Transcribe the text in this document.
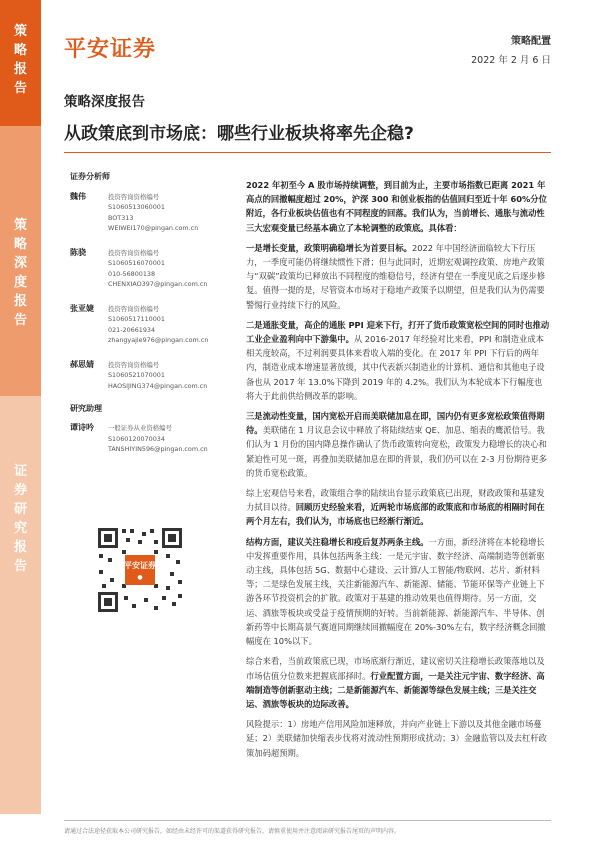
策
略
报
告
策
略
深
度
报
告
证
券
研
究
报
告
平安证券	策略配置
2022 年 2 月 6 日
策略深度报告
从政策底到市场底：哪些行业板块将率先企稳?
证券分析师
魏伟	投资咨询资格编号
S1060513060001
BOT313
WEIWEI170@pingan.com.cn
陈骁	投资咨询资格编号
S1060516070001
010-56800138
CHENXIAO397@pingan.com.cn
张亚婕 投资咨询资格编号
S1060517110001
021-20661934
zhangyajie976@pingan.com.cn
郝思婧 投资咨询资格编号
S1060521070001
HAOSIJING374@pingan.com.cn
研究助理
谭诗吟 一般证券从业资格编号
S1060120070034
TANSHIYIN596@pingan.com.cn
平安证券
●

2022 年初至今 A 股市场持续调整，到目前为止，主要市场指数已距离 2021 年高点的回撤幅度超过 20%，沪深 300 和创业板指的估值回归至近十年 60%分位附近，各行业板块估值也有不同程度的回落。我们认为，当前增长、通胀与流动性三大宏观变量已经基本确立了本轮调整的政策底。具体看：

一是增长变量，政策明确稳增长为首要目标。2022 年中国经济面临较大下行压力，一季度可能仍将继续惯性下滑；但与此同时，近期宏观调控政策、房地产政策与“双碳”政策均已释放出不同程度的维稳信号，经济有望在一季度见底之后逐步修复。值得一提的是，尽管资本市场对于稳地产政策予以期望，但是我们认为仍需要警惕行业持续下行的风险。

二是通胀变量，高企的通胀 PPI 迎来下行，打开了货币政策宽松空间的同时也推动工业企业盈利向中下游集中。从 2016-2017 年经验对比来看，PPI 和制造业成本相关度较高，不过利润要具体来看收入端的变化。在 2017 年 PPI 下行后的两年内，制造业成本增速显著放缓，其中代表新兴制造业的计算机、通信和其他电子设备也从 2017 年 13.0%下降到 2019 年的 4.2%。我们认为本轮成本下行幅度也将大于此前供给侧改革的影响。

三是流动性变量，国内宽松开启而美联储加息在即，国内仍有更多宽松政策值得期待。美联储在 1 月议息会议中释放了将陆续结束 QE、加息、缩表的鹰派信号。我们认为 1 月份的国内降息操作确认了货币政策转向宽松，政策发力稳增长的决心和紧迫性可见一斑，再叠加美联储加息在即的背景，我们仍可以在 2-3 月份期待更多的货币宽松政策。

综上宏观信号来看，政策组合拳的陆续出台显示政策底已出现，财政政策和基建发力拭目以待。回顾历史经验来看，近两轮市场底部的政策底和市场底的相隔时间在两个月左右，我们认为，市场底也已经渐行渐近。

结构方面，建议关注稳增长和疫后复苏两条主线。一方面，新经济将在本轮稳增长中发挥重要作用，具体包括两条主线：一是元宇宙、数字经济、高端制造等创新驱动主线，具体包括 5G、数据中心建设、云计算/人工智能/物联网、芯片、新材料等；二是绿色发展主线，关注新能源汽车、新能源、储能、节能环保等产业链上下游各环节投资机会的扩散。政策对于基建的推动效果也值得期待。另一方面，交运、酒旅等板块或受益于疫情预期的好转。当前新能源、新能源汽车、半导体、创新药等中长期高景气赛道同期继续回撤幅度在 20%-30%左右，数字经济概念回撤幅度在 10%以下。

综合来看，当前政策底已现，市场底渐行渐近，建议密切关注稳增长政策落地以及市场估值分位数来把握底部择时。行业配置方面，一是关注元宇宙、数字经济、高端制造等创新驱动主线；二是新能源汽车、新能源等绿色发展主线；三是关注交运、酒旅等板块的边际改善。

风险提示：1）房地产信用风险加速释放，并向产业链上下游以及其他金融市场蔓延；2）美联储加快缩表步伐将对流动性预期形成扰动；3）金融监管以及去杠杆政策加码超预期。

请通过合法途径获取本公司研究报告，如经由未经许可的渠道获得研究报告，请慎重使用并注意阅读研究报告尾页的声明内容。
